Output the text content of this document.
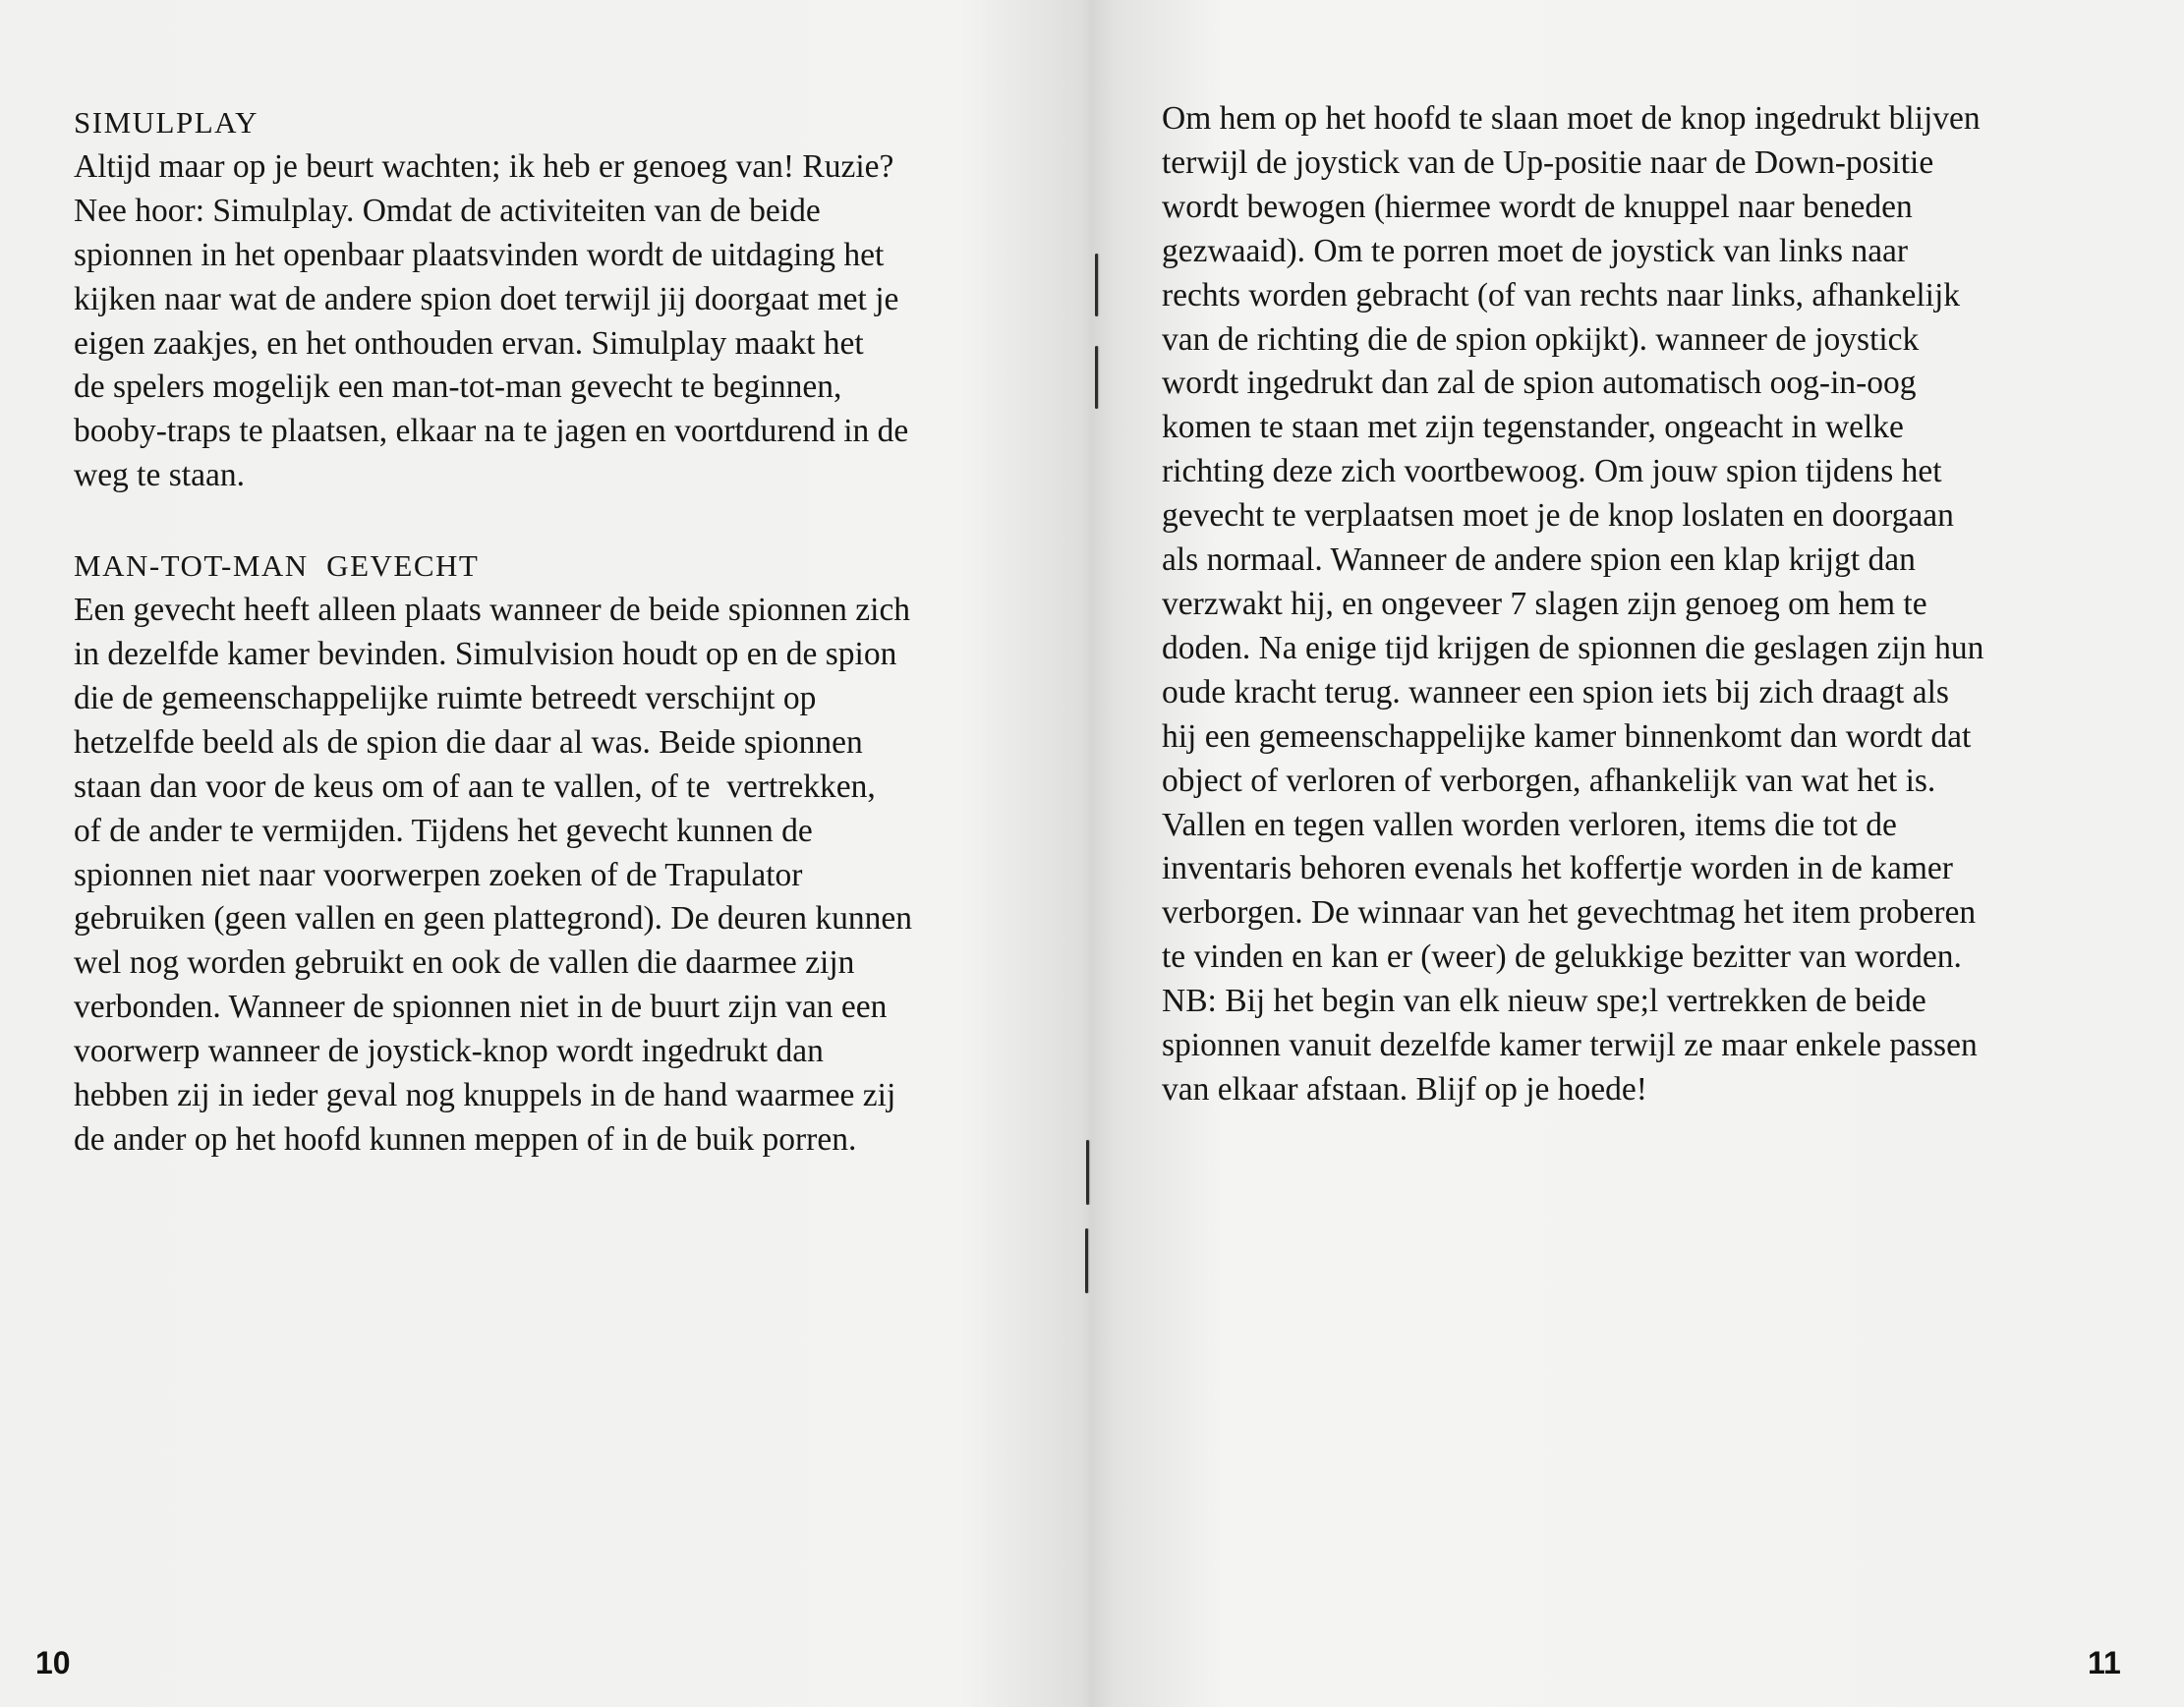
SIMULPLAY
Altijd maar op je beurt wachten; ik heb er genoeg van! Ruzie?
Nee hoor: Simulplay. Omdat de activiteiten van de beide
spionnen in het openbaar plaatsvinden wordt de uitdaging het
kijken naar wat de andere spion doet terwijl jij doorgaat met je
eigen zaakjes, en het onthouden ervan. Simulplay maakt het
de spelers mogelijk een man-tot-man gevecht te beginnen,
booby-traps te plaatsen, elkaar na te jagen en voortdurend in de
weg te staan.
MAN-TOT-MAN  GEVECHT
Een gevecht heeft alleen plaats wanneer de beide spionnen zich
in dezelfde kamer bevinden. Simulvision houdt op en de spion
die de gemeenschappelijke ruimte betreedt verschijnt op
hetzelfde beeld als de spion die daar al was. Beide spionnen
staan dan voor de keus om of aan te vallen, of te  vertrekken,
of de ander te vermijden. Tijdens het gevecht kunnen de
spionnen niet naar voorwerpen zoeken of de Trapulator
gebruiken (geen vallen en geen plattegrond). De deuren kunnen
wel nog worden gebruikt en ook de vallen die daarmee zijn
verbonden. Wanneer de spionnen niet in de buurt zijn van een
voorwerp wanneer de joystick-knop wordt ingedrukt dan
hebben zij in ieder geval nog knuppels in de hand waarmee zij
de ander op het hoofd kunnen meppen of in de buik porren.
10
Om hem op het hoofd te slaan moet de knop ingedrukt blijven
terwijl de joystick van de Up-positie naar de Down-positie
wordt bewogen (hiermee wordt de knuppel naar beneden
gezwaaid). Om te porren moet de joystick van links naar
rechts worden gebracht (of van rechts naar links, afhankelijk
van de richting die de spion opkijkt). wanneer de joystick
wordt ingedrukt dan zal de spion automatisch oog-in-oog
komen te staan met zijn tegenstander, ongeacht in welke
richting deze zich voortbewoog. Om jouw spion tijdens het
gevecht te verplaatsen moet je de knop loslaten en doorgaan
als normaal. Wanneer de andere spion een klap krijgt dan
verzwakt hij, en ongeveer 7 slagen zijn genoeg om hem te
doden. Na enige tijd krijgen de spionnen die geslagen zijn hun
oude kracht terug. wanneer een spion iets bij zich draagt als
hij een gemeenschappelijke kamer binnenkomt dan wordt dat
object of verloren of verborgen, afhankelijk van wat het is.
Vallen en tegen vallen worden verloren, items die tot de
inventaris behoren evenals het koffertje worden in de kamer
verborgen. De winnaar van het gevechtmag het item proberen
te vinden en kan er (weer) de gelukkige bezitter van worden.
NB: Bij het begin van elk nieuw spe;l vertrekken de beide
spionnen vanuit dezelfde kamer terwijl ze maar enkele passen
van elkaar afstaan. Blijf op je hoede!
11
